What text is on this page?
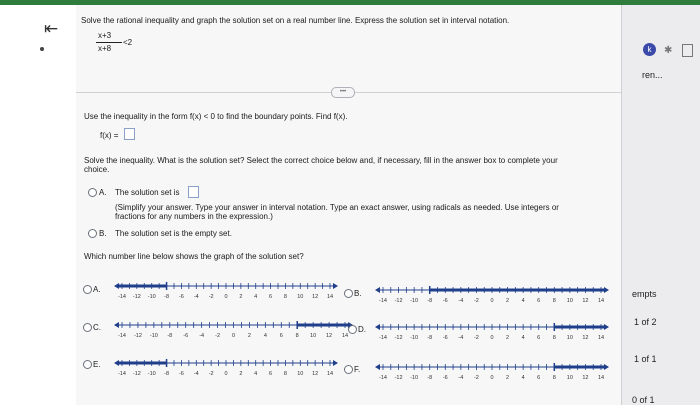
⇤	Solve the rational inequality and graph the solution set on a real number line. Express the solution set in interval notation.
x+3
x+8
<2
•••
Use the inequality in the form f(x) < 0 to find the boundary points. Find f(x).
f(x) =
Solve the inequality. What is the solution set? Select the correct choice below and, if necessary, fill in the answer box to complete your
choice.
A. The solution set is
(Simplify your answer. Type your answer in interval notation. Type an exact answer, using radicals as needed. Use integers or
fractions for any numbers in the expression.)
B. The solution set is the empty set.
Which number line below shows the graph of the solution set?
A.
-14 -12 -10 -8 -6 -4 -2 0 2 4 6 8 10 12 14	B.
-14 -12 -10 -8 -6 -4 -2 0 2 4 6 8 10 12 14
C.
-14 -12 -10 -8 -6 -4 -2 0 2 4 6 8 10 12 14
D.
-14 -12 -10 -8 -6 -4 -2 0 2 4 6 8 10 12 14
E.
-14 -12 -10 -8 -6 -4 -2 0 2 4 6 8 10 12 14	F.
-14 -12 -10 -8 -6 -4 -2 0 2 4 6 8 10 12 14
k	✱
ren...
empts
1 of 2
1 of 1
0 of 1
